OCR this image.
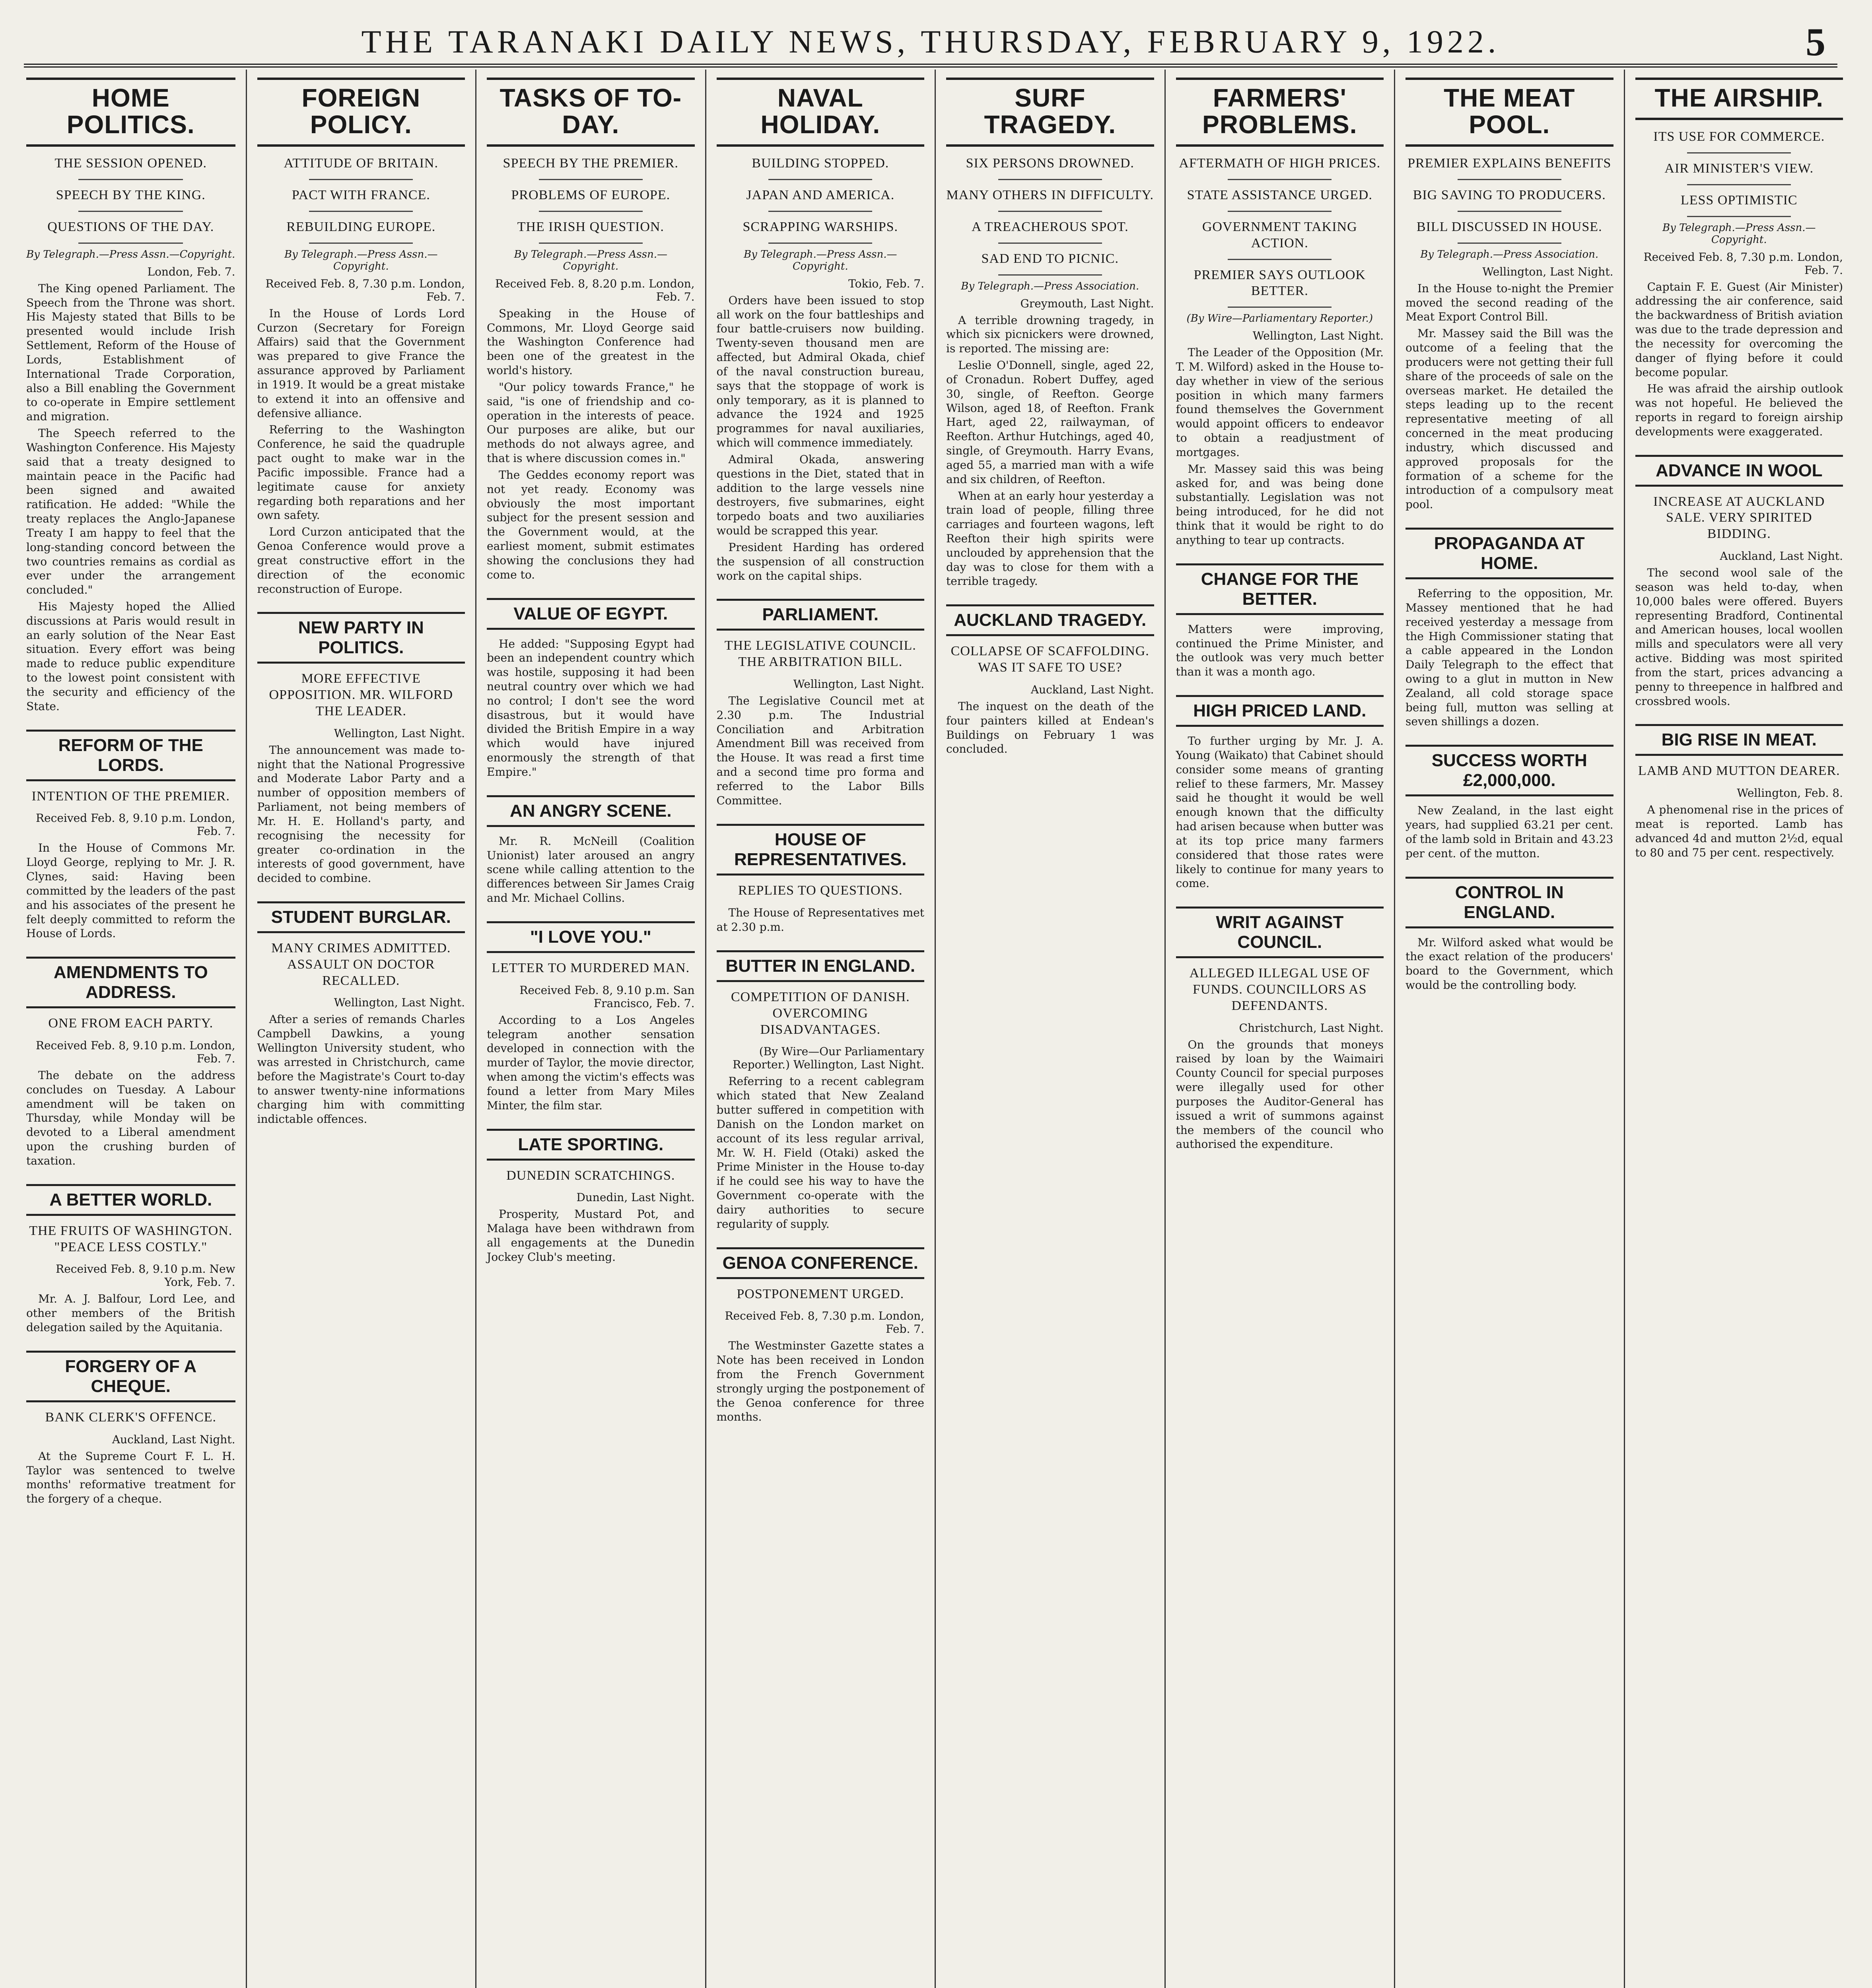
THE TARANAKI DAILY NEWS, THURSDAY, FEBRUARY 9, 1922.	5
HOME POLITICS.
THE SESSION OPENED.
SPEECH BY THE KING.
QUESTIONS OF THE DAY.
By Telegraph.—Press Assn.—Copyright.
London, Feb. 7.

The King opened Parliament. The Speech from the Throne was short. His Majesty stated that Bills to be presented would include Irish Settlement, Reform of the House of Lords, Establishment of International Trade Corporation, also a Bill enabling the Government to co-operate in Empire settlement and migration.

The Speech referred to the Washington Conference. His Majesty said that a treaty designed to maintain peace in the Pacific had been signed and awaited ratification. He added: "While the treaty replaces the Anglo-Japanese Treaty I am happy to feel that the long-standing concord between the two countries remains as cordial as ever under the arrangement concluded."

His Majesty hoped the Allied discussions at Paris would result in an early solution of the Near East situation. Every effort was being made to reduce public expenditure to the lowest point consistent with the security and efficiency of the State.

REFORM OF THE LORDS.
INTENTION OF THE PREMIER.
Received Feb. 8, 9.10 p.m. London, Feb. 7.

In the House of Commons Mr. Lloyd George, replying to Mr. J. R. Clynes, said: Having been committed by the leaders of the past and his associates of the present he felt deeply committed to reform the House of Lords.

AMENDMENTS TO ADDRESS.
ONE FROM EACH PARTY.
Received Feb. 8, 9.10 p.m. London, Feb. 7.

The debate on the address concludes on Tuesday. A Labour amendment will be taken on Thursday, while Monday will be devoted to a Liberal amendment upon the crushing burden of taxation.

A BETTER WORLD.
THE FRUITS OF WASHINGTON. "PEACE LESS COSTLY."
Received Feb. 8, 9.10 p.m. New York, Feb. 7.

Mr. A. J. Balfour, Lord Lee, and other members of the British delegation sailed by the Aquitania.

FORGERY OF A CHEQUE.
BANK CLERK'S OFFENCE.
Auckland, Last Night.

At the Supreme Court F. L. H. Taylor was sentenced to twelve months' reformative treatment for the forgery of a cheque.

FOREIGN POLICY.
ATTITUDE OF BRITAIN.
PACT WITH FRANCE.
REBUILDING EUROPE.
By Telegraph.—Press Assn.—Copyright.
Received Feb. 8, 7.30 p.m. London, Feb. 7.

In the House of Lords Lord Curzon (Secretary for Foreign Affairs) said that the Government was prepared to give France the assurance approved by Parliament in 1919. It would be a great mistake to extend it into an offensive and defensive alliance.

Referring to the Washington Conference, he said the quadruple pact ought to make war in the Pacific impossible. France had a legitimate cause for anxiety regarding both reparations and her own safety.

Lord Curzon anticipated that the Genoa Conference would prove a great constructive effort in the direction of the economic reconstruction of Europe.

NEW PARTY IN POLITICS.
MORE EFFECTIVE OPPOSITION. MR. WILFORD THE LEADER.
Wellington, Last Night.

The announcement was made to-night that the National Progressive and Moderate Labor Party and a number of opposition members of Parliament, not being members of Mr. H. E. Holland's party, and recognising the necessity for greater co-ordination in the interests of good government, have decided to combine.

STUDENT BURGLAR.
MANY CRIMES ADMITTED. ASSAULT ON DOCTOR RECALLED.
Wellington, Last Night.

After a series of remands Charles Campbell Dawkins, a young Wellington University student, who was arrested in Christchurch, came before the Magistrate's Court to-day to answer twenty-nine informations charging him with committing indictable offences.

TASKS OF TO-DAY.
SPEECH BY THE PREMIER.
PROBLEMS OF EUROPE.
THE IRISH QUESTION.
By Telegraph.—Press Assn.—Copyright.
Received Feb. 8, 8.20 p.m. London, Feb. 7.

Speaking in the House of Commons, Mr. Lloyd George said the Washington Conference had been one of the greatest in the world's history.

"Our policy towards France," he said, "is one of friendship and co-operation in the interests of peace. Our purposes are alike, but our methods do not always agree, and that is where discussion comes in."

The Geddes economy report was not yet ready. Economy was obviously the most important subject for the present session and the Government would, at the earliest moment, submit estimates showing the conclusions they had come to.

VALUE OF EGYPT.

He added: "Supposing Egypt had been an independent country which was hostile, supposing it had been neutral country over which we had no control; I don't see the word disastrous, but it would have divided the British Empire in a way which would have injured enormously the strength of that Empire."

AN ANGRY SCENE.

Mr. R. McNeill (Coalition Unionist) later aroused an angry scene while calling attention to the differences between Sir James Craig and Mr. Michael Collins.

"I LOVE YOU."
LETTER TO MURDERED MAN.
Received Feb. 8, 9.10 p.m. San Francisco, Feb. 7.

According to a Los Angeles telegram another sensation developed in connection with the murder of Taylor, the movie director, when among the victim's effects was found a letter from Mary Miles Minter, the film star.

LATE SPORTING.
DUNEDIN SCRATCHINGS.
Dunedin, Last Night.

Prosperity, Mustard Pot, and Malaga have been withdrawn from all engagements at the Dunedin Jockey Club's meeting.

NAVAL HOLIDAY.
BUILDING STOPPED.
JAPAN AND AMERICA.
SCRAPPING WARSHIPS.
By Telegraph.—Press Assn.—Copyright.
Tokio, Feb. 7.

Orders have been issued to stop all work on the four battleships and four battle-cruisers now building. Twenty-seven thousand men are affected, but Admiral Okada, chief of the naval construction bureau, says that the stoppage of work is only temporary, as it is planned to advance the 1924 and 1925 programmes for naval auxiliaries, which will commence immediately.

Admiral Okada, answering questions in the Diet, stated that in addition to the large vessels nine destroyers, five submarines, eight torpedo boats and two auxiliaries would be scrapped this year.

President Harding has ordered the suspension of all construction work on the capital ships.

PARLIAMENT.
THE LEGISLATIVE COUNCIL. THE ARBITRATION BILL.
Wellington, Last Night.

The Legislative Council met at 2.30 p.m. The Industrial Conciliation and Arbitration Amendment Bill was received from the House. It was read a first time and a second time pro forma and referred to the Labor Bills Committee.

HOUSE OF REPRESENTATIVES.
REPLIES TO QUESTIONS.

The House of Representatives met at 2.30 p.m.

BUTTER IN ENGLAND.
COMPETITION OF DANISH. OVERCOMING DISADVANTAGES.
(By Wire—Our Parliamentary Reporter.) Wellington, Last Night.

Referring to a recent cablegram which stated that New Zealand butter suffered in competition with Danish on the London market on account of its less regular arrival, Mr. W. H. Field (Otaki) asked the Prime Minister in the House to-day if he could see his way to have the Government co-operate with the dairy authorities to secure regularity of supply.

GENOA CONFERENCE.
POSTPONEMENT URGED.
Received Feb. 8, 7.30 p.m. London, Feb. 7.

The Westminster Gazette states a Note has been received in London from the French Government strongly urging the postponement of the Genoa conference for three months.

SURF TRAGEDY.
SIX PERSONS DROWNED.
MANY OTHERS IN DIFFICULTY.
A TREACHEROUS SPOT.
SAD END TO PICNIC.
By Telegraph.—Press Association.
Greymouth, Last Night.

A terrible drowning tragedy, in which six picnickers were drowned, is reported. The missing are:

Leslie O'Donnell, single, aged 22, of Cronadun. Robert Duffey, aged 30, single, of Reefton. George Wilson, aged 18, of Reefton. Frank Hart, aged 22, railwayman, of Reefton. Arthur Hutchings, aged 40, single, of Greymouth. Harry Evans, aged 55, a married man with a wife and six children, of Reefton.

When at an early hour yesterday a train load of people, filling three carriages and fourteen wagons, left Reefton their high spirits were unclouded by apprehension that the day was to close for them with a terrible tragedy.

AUCKLAND TRAGEDY.
COLLAPSE OF SCAFFOLDING. WAS IT SAFE TO USE?
Auckland, Last Night.

The inquest on the death of the four painters killed at Endean's Buildings on February 1 was concluded.

FARMERS' PROBLEMS.
AFTERMATH OF HIGH PRICES.
STATE ASSISTANCE URGED.
GOVERNMENT TAKING ACTION.
PREMIER SAYS OUTLOOK BETTER.
(By Wire—Parliamentary Reporter.)
Wellington, Last Night.

The Leader of the Opposition (Mr. T. M. Wilford) asked in the House to-day whether in view of the serious position in which many farmers found themselves the Government would appoint officers to endeavor to obtain a readjustment of mortgages.

Mr. Massey said this was being asked for, and was being done substantially. Legislation was not being introduced, for he did not think that it would be right to do anything to tear up contracts.

CHANGE FOR THE BETTER.

Matters were improving, continued the Prime Minister, and the outlook was very much better than it was a month ago.

HIGH PRICED LAND.

To further urging by Mr. J. A. Young (Waikato) that Cabinet should consider some means of granting relief to these farmers, Mr. Massey said he thought it would be well enough known that the difficulty had arisen because when butter was at its top price many farmers considered that those rates were likely to continue for many years to come.

WRIT AGAINST COUNCIL.
ALLEGED ILLEGAL USE OF FUNDS. COUNCILLORS AS DEFENDANTS.
Christchurch, Last Night.

On the grounds that moneys raised by loan by the Waimairi County Council for special purposes were illegally used for other purposes the Auditor-General has issued a writ of summons against the members of the council who authorised the expenditure.

THE MEAT POOL.
PREMIER EXPLAINS BENEFITS
BIG SAVING TO PRODUCERS.
BILL DISCUSSED IN HOUSE.
By Telegraph.—Press Association.
Wellington, Last Night.

In the House to-night the Premier moved the second reading of the Meat Export Control Bill.

Mr. Massey said the Bill was the outcome of a feeling that the producers were not getting their full share of the proceeds of sale on the overseas market. He detailed the steps leading up to the recent representative meeting of all concerned in the meat producing industry, which discussed and approved proposals for the formation of a scheme for the introduction of a compulsory meat pool.

PROPAGANDA AT HOME.

Referring to the opposition, Mr. Massey mentioned that he had received yesterday a message from the High Commissioner stating that a cable appeared in the London Daily Telegraph to the effect that owing to a glut in mutton in New Zealand, all cold storage space being full, mutton was selling at seven shillings a dozen.

SUCCESS WORTH £2,000,000.

New Zealand, in the last eight years, had supplied 63.21 per cent. of the lamb sold in Britain and 43.23 per cent. of the mutton.

CONTROL IN ENGLAND.

Mr. Wilford asked what would be the exact relation of the producers' board to the Government, which would be the controlling body.

THE AIRSHIP.
ITS USE FOR COMMERCE.
AIR MINISTER'S VIEW.
LESS OPTIMISTIC
By Telegraph.—Press Assn.—Copyright.
Received Feb. 8, 7.30 p.m. London, Feb. 7.

Captain F. E. Guest (Air Minister) addressing the air conference, said the backwardness of British aviation was due to the trade depression and the necessity for overcoming the danger of flying before it could become popular.

He was afraid the airship outlook was not hopeful. He believed the reports in regard to foreign airship developments were exaggerated.

ADVANCE IN WOOL
INCREASE AT AUCKLAND SALE. VERY SPIRITED BIDDING.
Auckland, Last Night.

The second wool sale of the season was held to-day, when 10,000 bales were offered. Buyers representing Bradford, Continental and American houses, local woollen mills and speculators were all very active. Bidding was most spirited from the start, prices advancing a penny to threepence in halfbred and crossbred wools.

BIG RISE IN MEAT.
LAMB AND MUTTON DEARER.
Wellington, Feb. 8.

A phenomenal rise in the prices of meat is reported. Lamb has advanced 4d and mutton 2½d, equal to 80 and 75 per cent. respectively.
